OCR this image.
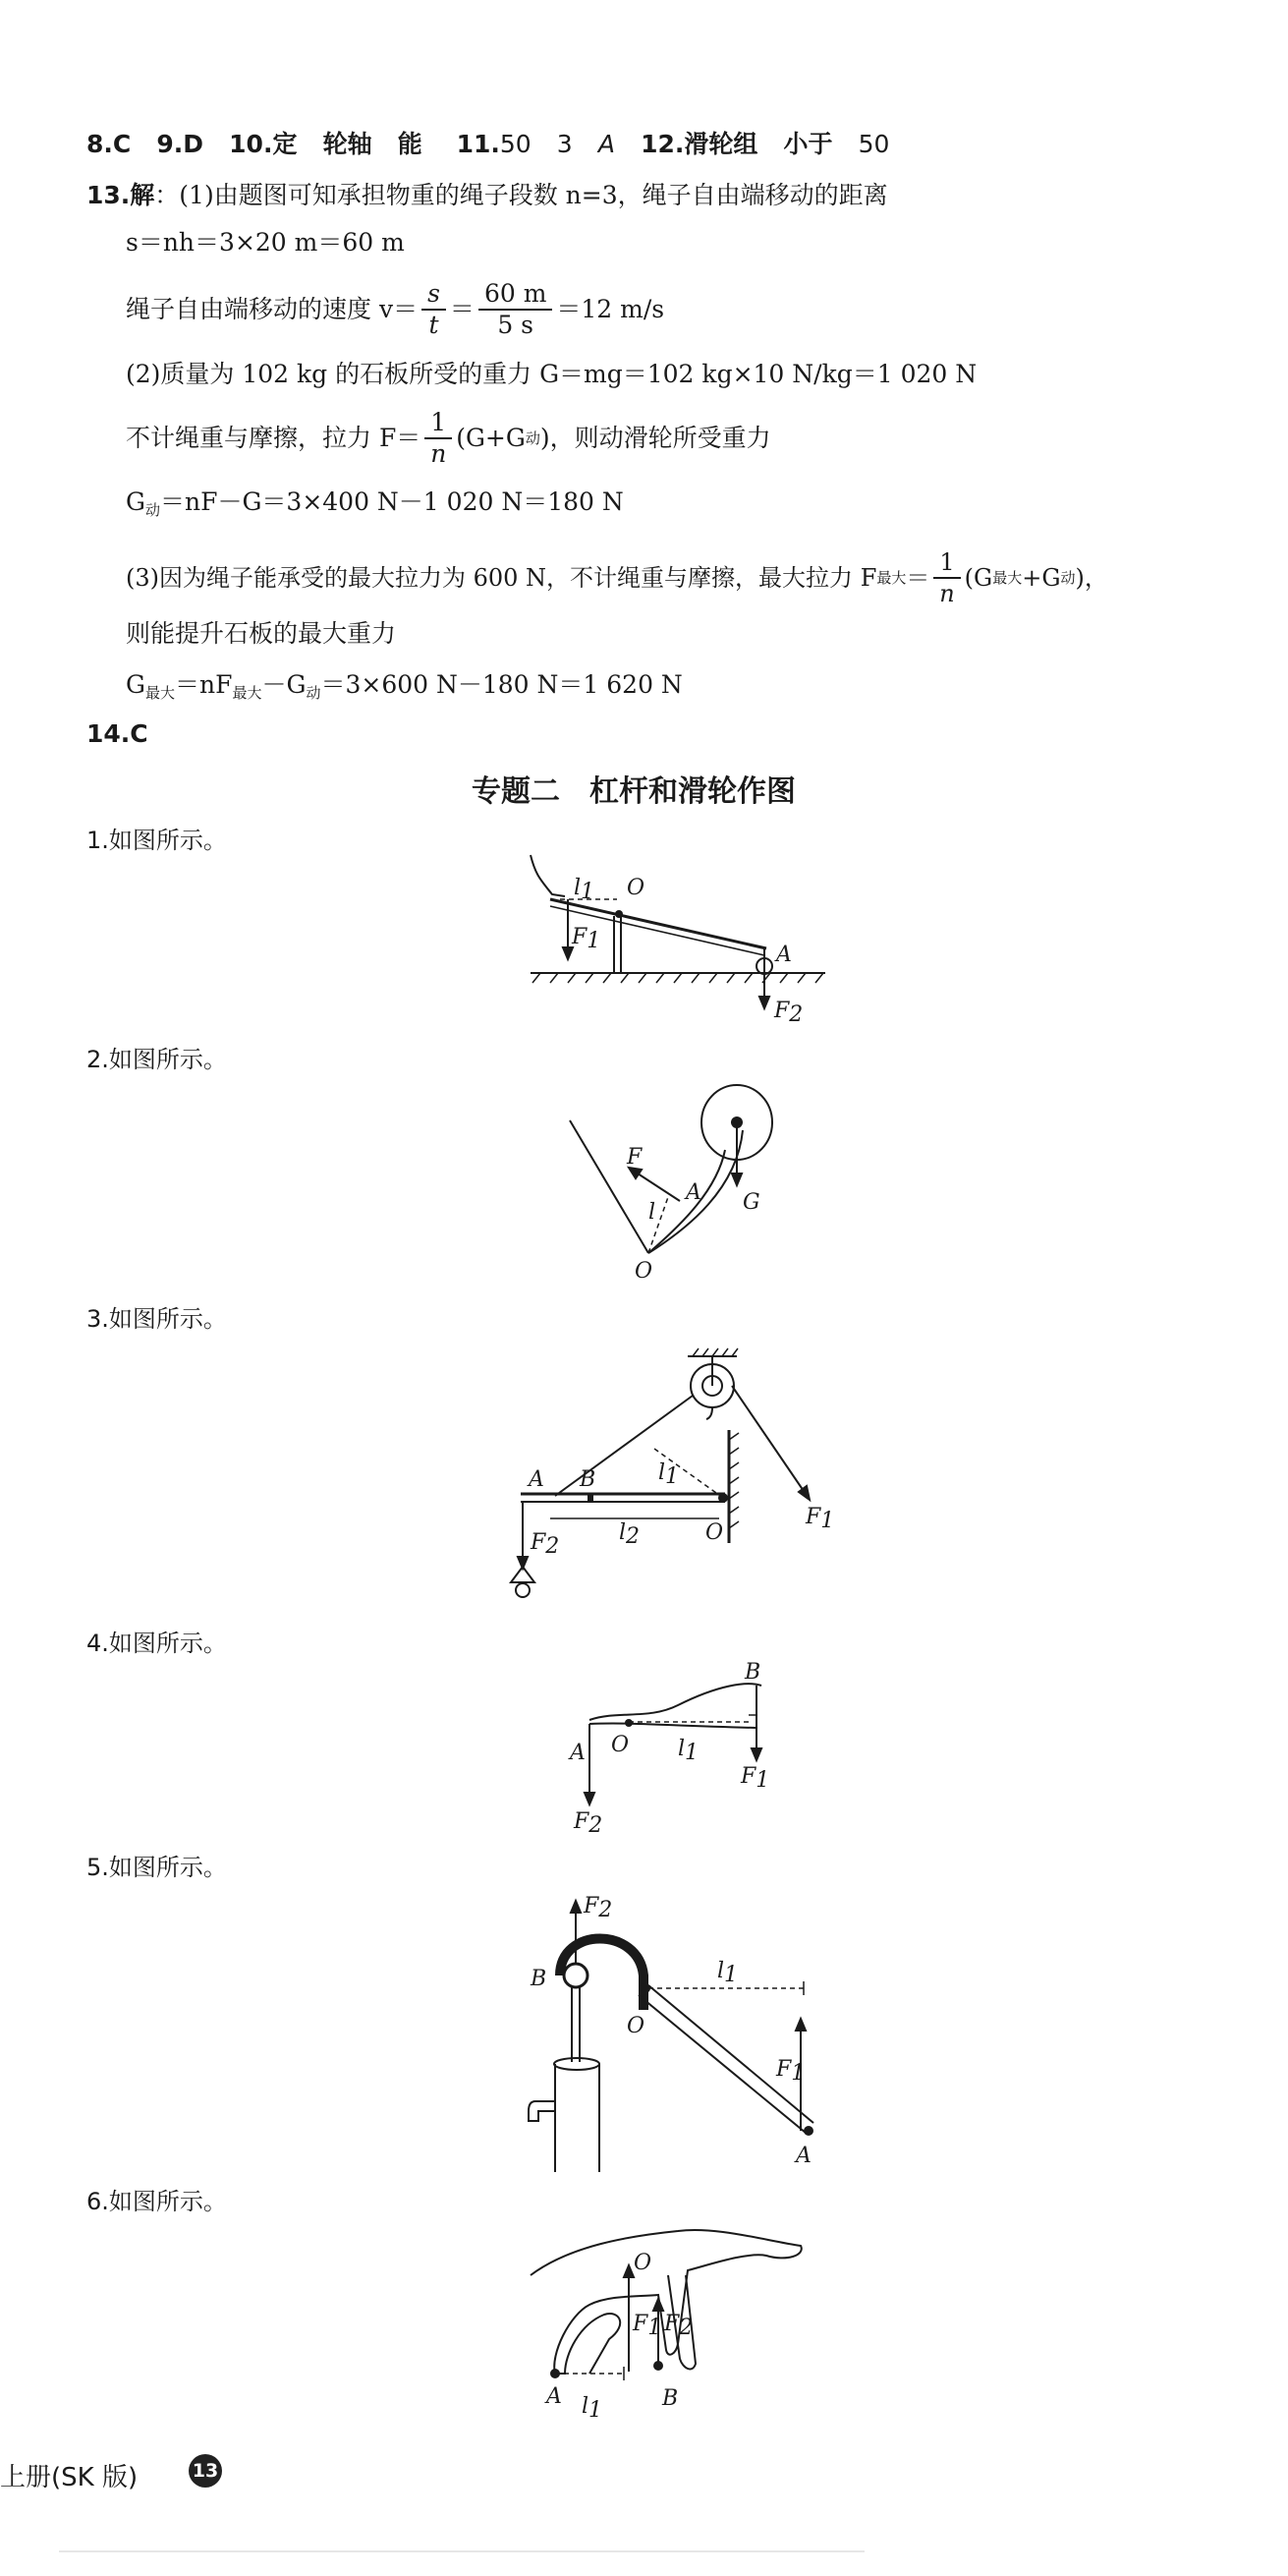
8.C 9.D 10.定 轮轴 能 11.50 3 A 12.滑轮组 小于 50
13.解：(1)由题图可知承担物重的绳子段数 n=3，绳子自由端移动的距离
s＝nh＝3×20 m＝60 m
绳子自由端移动的速度 $v= \frac{s}{t} = \frac{60 m}{5 s} =12$ m/s
(2)质量为 102 kg 的石板所受的重力 G＝mg＝102 kg×10 N/kg＝1 020 N
不计绳重与摩擦，拉力 $F= \frac{1}{n} (G+G$ 动 )，则动滑轮所受重力
$G_动=nF-G=3\times 400$ N－1 020 N＝180 N
(3)因为绳子能承受的最大拉力为 600 N，不计绳重与摩擦，最大拉力 F 最大 ＝ $\frac{1}{n} (G$ 最大 +G 动 )，
则能提升石板的最大重力
$G_{最大}=nF_{最大}-G_动=3\times 600$ N－180 N＝1 620 N
14.C
专题二　杠杆和滑轮作图
1.如图所示。
2.如图所示。
3.如图所示。
4.如图所示。
5.如图所示。
6.如图所示。
l1 O
F1
A
F2
F
A
l	G
O
A B	l1
l2	O
F1
F2
B
A O l1
F1
F2
F2
B
O
l1
F1
A
O
F1 F2
A l1	B
上册(SK 版)	13
